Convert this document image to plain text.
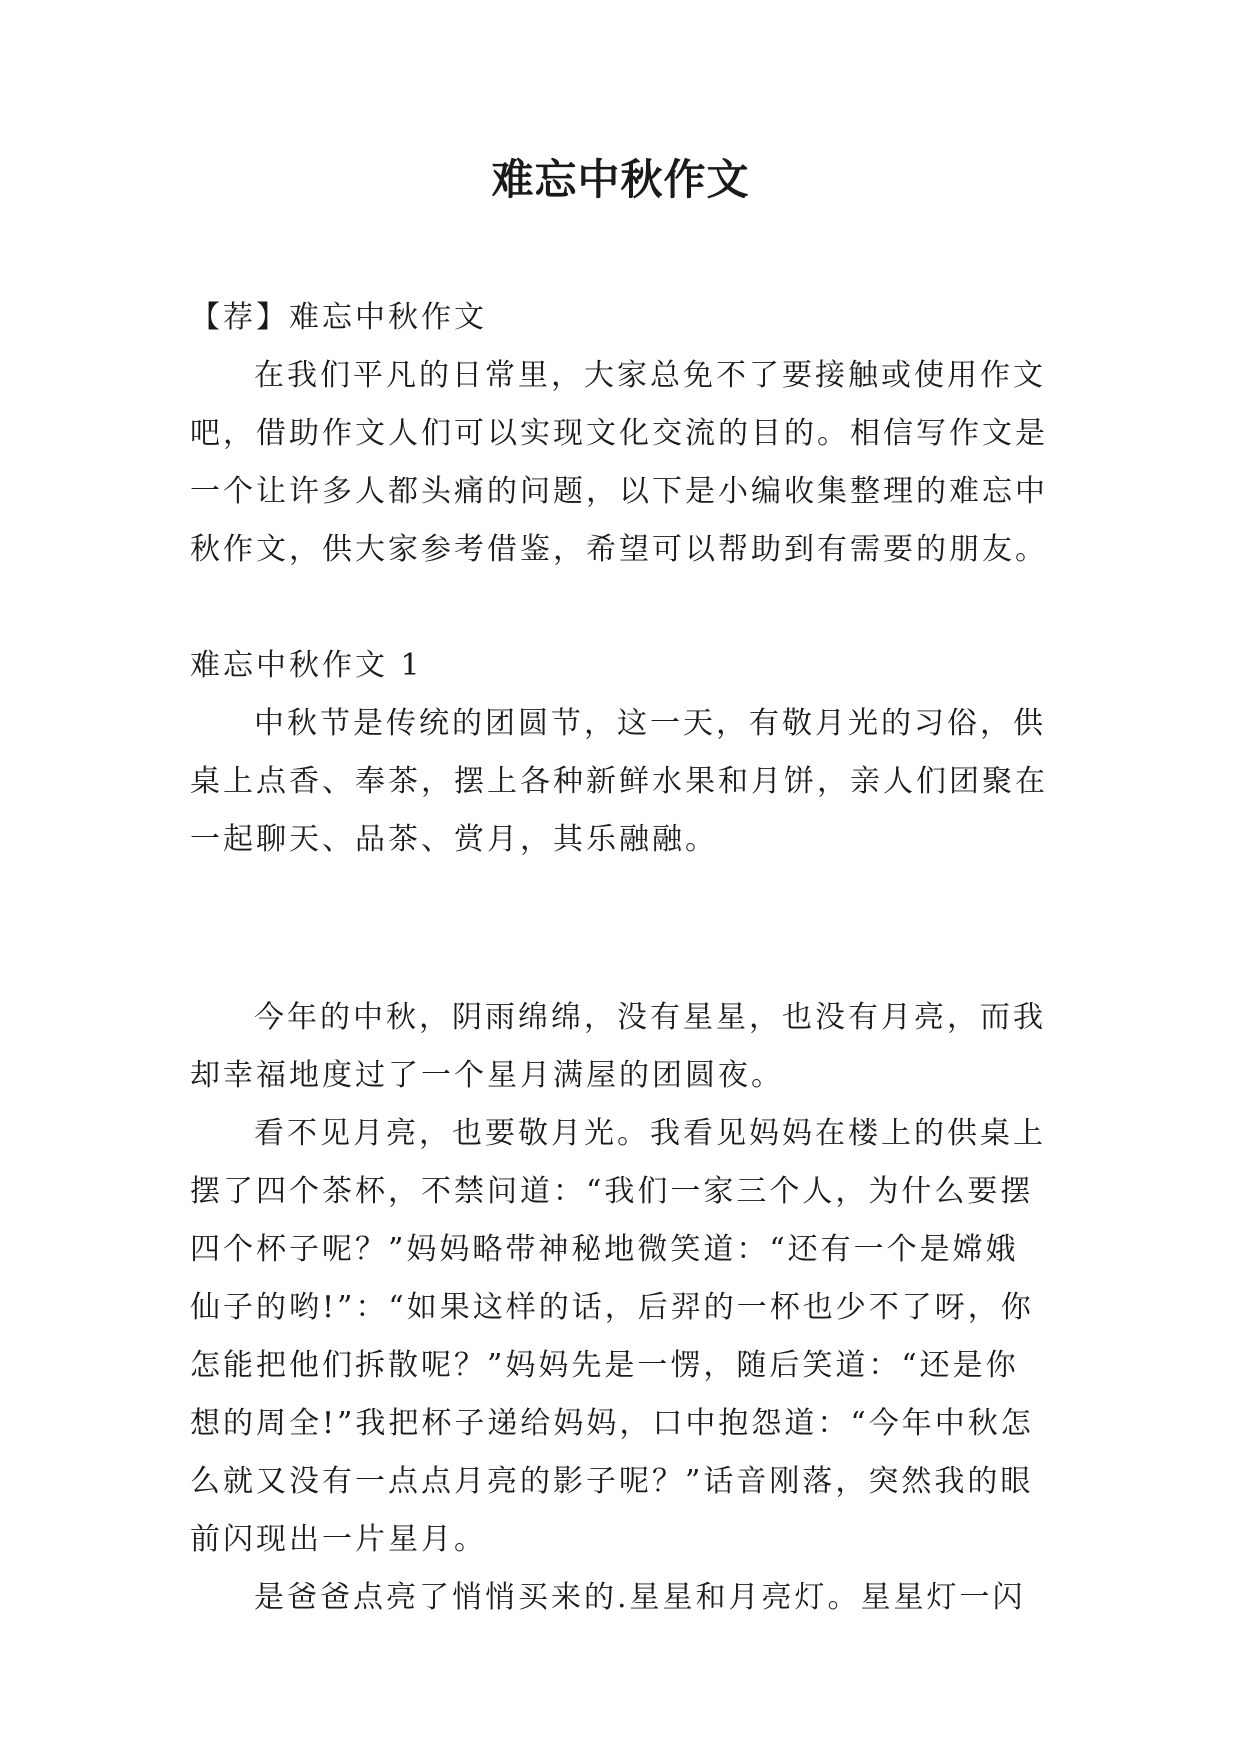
难忘中秋作文
【荐】难忘中秋作文
在我们平凡的日常里，大家总免不了要接触或使用作文
吧，借助作文人们可以实现文化交流的目的。相信写作文是
一个让许多人都头痛的问题，以下是小编收集整理的难忘中
秋作文，供大家参考借鉴，希望可以帮助到有需要的朋友。
难忘中秋作文 1
中秋节是传统的团圆节，这一天，有敬月光的习俗，供
桌上点香、奉茶，摆上各种新鲜水果和月饼，亲人们团聚在
一起聊天、品茶、赏月，其乐融融。
今年的中秋，阴雨绵绵，没有星星，也没有月亮，而我
却幸福地度过了一个星月满屋的团圆夜。
看不见月亮，也要敬月光。我看见妈妈在楼上的供桌上
摆了四个茶杯，不禁问道：“我们一家三个人，为什么要摆
四个杯子呢？”妈妈略带神秘地微笑道：“还有一个是嫦娥
仙子的哟!”：“如果这样的话，后羿的一杯也少不了呀，你
怎能把他们拆散呢？”妈妈先是一愣，随后笑道：“还是你
想的周全!”我把杯子递给妈妈，口中抱怨道：“今年中秋怎
么就又没有一点点月亮的影子呢？”话音刚落，突然我的眼
前闪现出一片星月。
是爸爸点亮了悄悄买来的.星星和月亮灯。星星灯一闪
